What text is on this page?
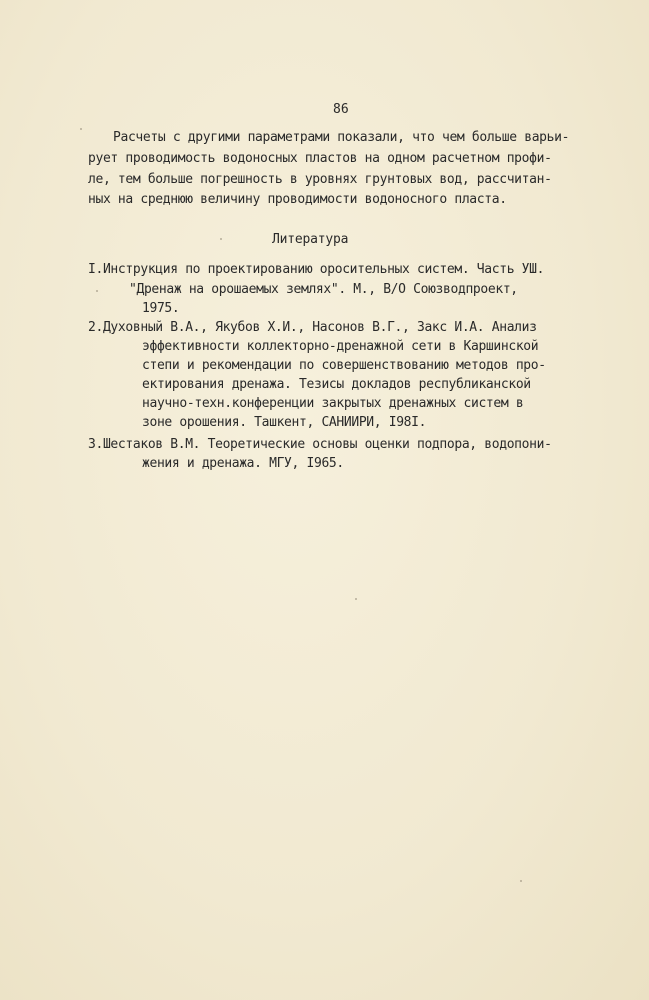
86
Расчеты с другими параметрами показали, что чем больше варьи-
рует проводимость водоносных пластов на одном расчетном профи-
ле, тем больше погрешность в уровнях грунтовых вод, рассчитан-
ных на среднюю величину проводимости водоносного пласта.
Литература
I.Инструкция по проектированию оросительных систем. Часть УШ.
"Дренаж на орошаемых землях". М., В/О Союзводпроект,
1975.
2.Духовный В.А., Якубов Х.И., Насонов В.Г., Закс И.А. Анализ
эффективности коллекторно-дренажной сети в Каршинской
степи и рекомендации по совершенствованию методов про-
ектирования дренажа. Тезисы докладов республиканской
научно-техн.конференции закрытых дренажных систем в
зоне орошения. Ташкент, САНИИРИ, I98I.
3.Шестаков В.М. Теоретические основы оценки подпора, водопони-
жения и дренажа. МГУ, I965.
